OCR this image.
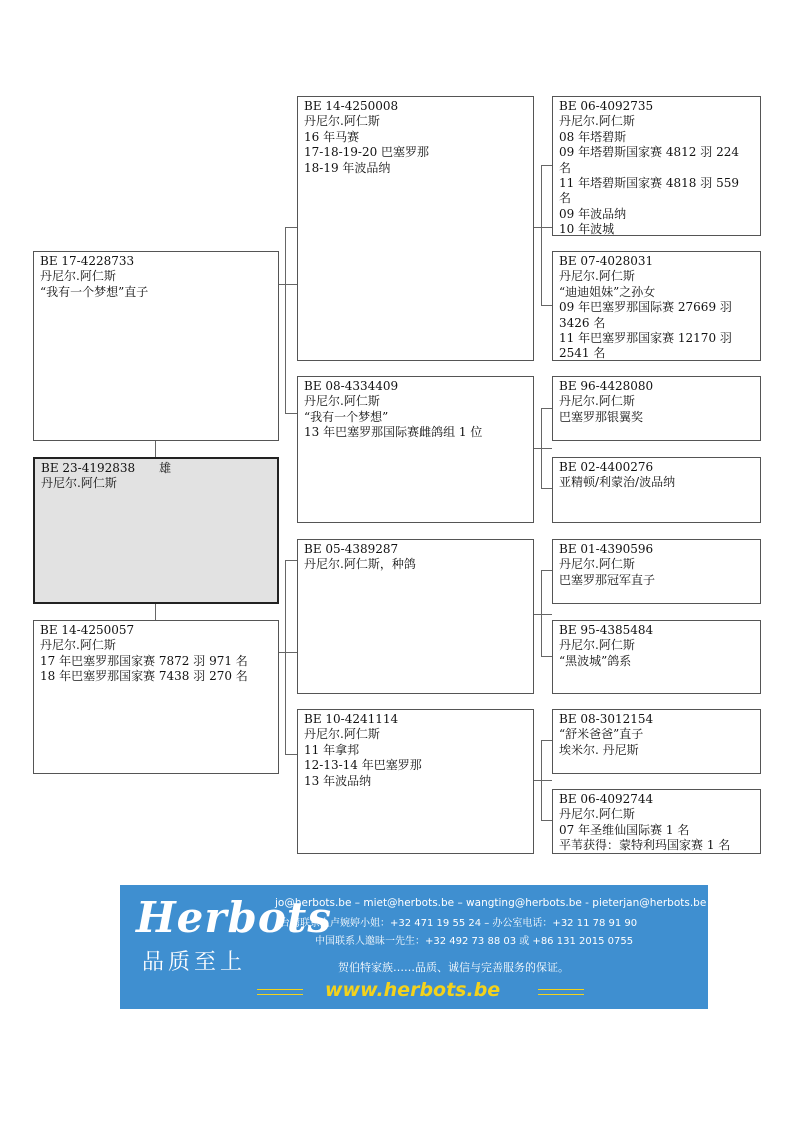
BE 17-4228733
丹尼尔.阿仁斯
“我有一个梦想”直子
BE 23-4192838　　雄
丹尼尔.阿仁斯
BE 14-4250057
丹尼尔.阿仁斯
17 年巴塞罗那国家赛 7872 羽 971 名
18 年巴塞罗那国家赛 7438 羽 270 名
BE 14-4250008
丹尼尔.阿仁斯
16 年马赛
17-18-19-20 巴塞罗那
18-19 年波品纳
BE 08-4334409
丹尼尔.阿仁斯
“我有一个梦想”
13 年巴塞罗那国际赛雌鸽组 1 位
BE 05-4389287
丹尼尔.阿仁斯，种鸽
BE 10-4241114
丹尼尔.阿仁斯
11 年拿邦
12-13-14 年巴塞罗那
13 年波品纳
BE 06-4092735
丹尼尔.阿仁斯
08 年塔碧斯
09 年塔碧斯国家赛 4812 羽 224 名
11 年塔碧斯国家赛 4818 羽 559 名
09 年波品纳
10 年波城
BE 07-4028031
丹尼尔.阿仁斯
“迪迪姐妹”之孙女
09 年巴塞罗那国际赛 27669 羽 3426 名
11 年巴塞罗那国家赛 12170 羽 2541 名
BE 96-4428080
丹尼尔.阿仁斯
巴塞罗那银翼奖
BE 02-4400276
亚精顿/利蒙治/波品纳
BE 01-4390596
丹尼尔.阿仁斯
巴塞罗那冠军直子
BE 95-4385484
丹尼尔.阿仁斯
“黑波城”鸽系
BE 08-3012154
“舒米爸爸”直子
埃米尔. 丹尼斯
BE 06-4092744
丹尼尔.阿仁斯
07 年圣维仙国际赛 1 名
平苇获得：蒙特利玛国家赛 1 名
Herbots
品质至上
jo@herbots.be – miet@herbots.be – wangting@herbots.be - pieterjan@herbots.be
台湾联系人卢婉婷小姐：+32 471 19 55 24 – 办公室电话：+32 11 78 91 90
中国联系人邀昧一先生：+32 492 73 88 03 或 +86 131 2015 0755
贺伯特家族……品质、诚信与完善服务的保证。
www.herbots.be
